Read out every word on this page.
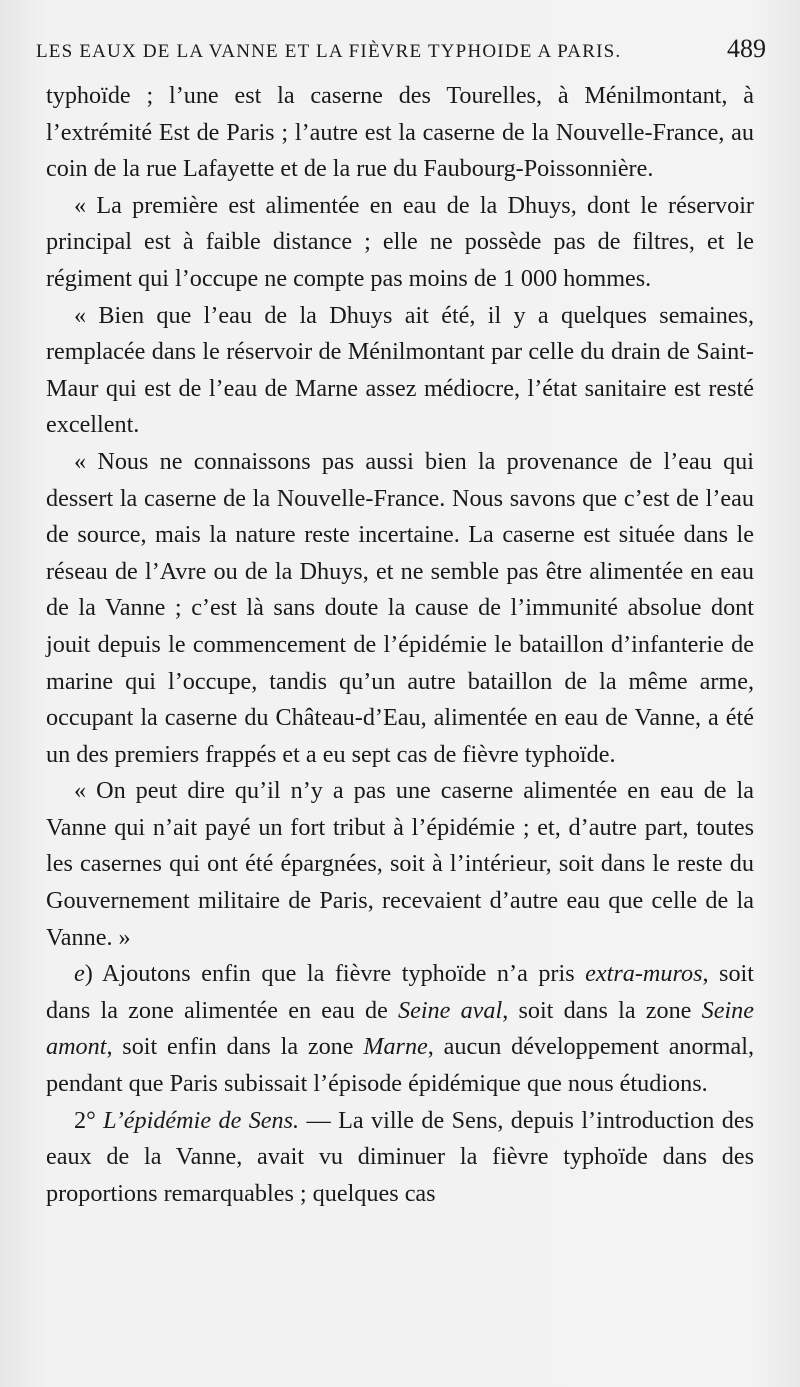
LES EAUX DE LA VANNE ET LA FIÈVRE TYPHOIDE A PARIS.	489

typhoïde ; l’une est la caserne des Tourelles, à Ménilmontant, à l’extrémité Est de Paris ; l’autre est la caserne de la Nouvelle-France, au coin de la rue Lafayette et de la rue du Faubourg-Poissonnière.

« La première est alimentée en eau de la Dhuys, dont le réservoir principal est à faible distance ; elle ne possède pas de filtres, et le régiment qui l’occupe ne compte pas moins de 1 000 hommes.

« Bien que l’eau de la Dhuys ait été, il y a quelques semaines, remplacée dans le réservoir de Ménilmontant par celle du drain de Saint-Maur qui est de l’eau de Marne assez médiocre, l’état sanitaire est resté excellent.

« Nous ne connaissons pas aussi bien la provenance de l’eau qui dessert la caserne de la Nouvelle-France. Nous savons que c’est de l’eau de source, mais la nature reste incertaine. La caserne est située dans le réseau de l’Avre ou de la Dhuys, et ne semble pas être alimentée en eau de la Vanne ; c’est là sans doute la cause de l’immunité absolue dont jouit depuis le commencement de l’épidémie le bataillon d’infanterie de marine qui l’occupe, tandis qu’un autre bataillon de la même arme, occupant la caserne du Château-d’Eau, alimentée en eau de Vanne, a été un des premiers frappés et a eu sept cas de fièvre typhoïde.

« On peut dire qu’il n’y a pas une caserne alimentée en eau de la Vanne qui n’ait payé un fort tribut à l’épidémie ; et, d’autre part, toutes les casernes qui ont été épargnées, soit à l’intérieur, soit dans le reste du Gouvernement militaire de Paris, recevaient d’autre eau que celle de la Vanne. »

e) Ajoutons enfin que la fièvre typhoïde n’a pris extra-muros, soit dans la zone alimentée en eau de Seine aval, soit dans la zone Seine amont, soit enfin dans la zone Marne, aucun développement anormal, pendant que Paris subissait l’épisode épidémique que nous étudions.

2° L’épidémie de Sens. — La ville de Sens, depuis l’introduction des eaux de la Vanne, avait vu diminuer la fièvre typhoïde dans des proportions remarquables ; quelques cas
